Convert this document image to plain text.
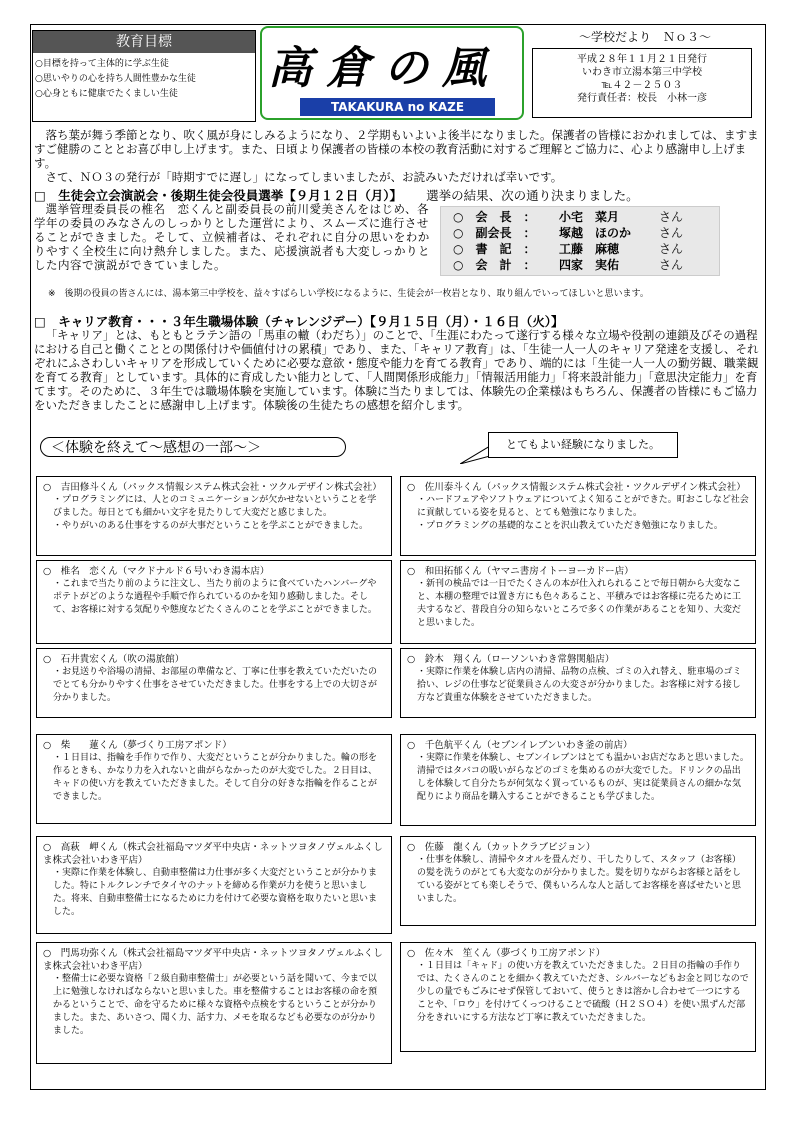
教育目標
○目標を持って主体的に学ぶ生徒
○思いやりの心を持ち人間性豊かな生徒
○心身ともに健康でたくましい生徒	高倉の風
TAKAKURA no KAZE
～学校だより　Ｎｏ３～
平成２８年１１月２１日発行
いわき市立湯本第三中学校
℡４２－２５０３
発行責任者：校長　小林一彦
落ち葉が舞う季節となり、吹く風が身にしみるようになり、２学期もいよいよ後半になりました。保護者の皆様におかれましては、ますますご健勝のこととお喜び申し上げます。また、日頃より保護者の皆様の本校の教育活動に対するご理解とご協力に、心より感謝申し上げます。
さて、ＮＯ３の発行が「時期すでに遅し」になってしまいましたが、お読みいただければ幸いです。
□　生徒会立会演説会・後期生徒会役員選挙【９月１２日（月）】 選挙の結果、次の通り決まりました。
選挙管理委員長の椎名　恋くんと副委員長の前川愛美さんをはじめ、各学年の委員のみなさんのしっかりとした運営により、スムーズに進行させることができました。そして、立候補者は、それぞれに自分の思いをわかりやすく全校生に向け熱弁しました。また、応援演説者も大変しっかりとした内容で演説ができていました。
○　会　長　： 小宅　菜月	さん
○　副会長　： 塚越　ほのか さん
○　書　記　： 工藤　麻穂	さん
○　会　計　： 四家　実佑	さん
※　後期の役員の皆さんには、湯本第三中学校を、益々すばらしい学校になるように、生徒会が一枚岩となり、取り組んでいってほしいと思います。
□　キャリア教育・・・３年生職場体験（チャレンジデー）【９月１５日（月）・１６日（火）】
「キャリア」とは、もともとラテン語の「馬車の轍（わだち）」のことで、「生涯にわたって遂行する様々な立場や役割の連鎖及びその過程における自己と働くこととの関係付けや価値付けの累積」であり、また、「キャリア教育」は、「生徒一人一人のキャリア発達を支援し、それぞれにふさわしいキャリアを形成していくために必要な意欲・態度や能力を育てる教育」であり、端的には「生徒一人一人の勤労観、職業観を育てる教育」としています。具体的に育成したい能力として、「人間関係形成能力」「情報活用能力」「将来設計能力」「意思決定能力」を育てます。そのために、３年生では職場体験を実施しています。体験に当たりましては、体験先の企業様はもちろん、保護者の皆様にもご協力をいただきましたことに感謝申し上げます。体験後の生徒たちの感想を紹介します。
＜体験を終えて～感想の一部～＞	とてもよい経験になりました。
○　吉田修斗くん（パックス情報システム株式会社・ツクルデザイン株式会社）
・プログラミングには、人とのコミュニケーションが欠かせないということを学びました。毎日とても細かい文字を見たりして大変だと感じました。
・やりがいのある仕事をするのが大事だということを学ぶことができました。
○　佐川泰斗くん（パックス情報システム株式会社・ツクルデザイン株式会社）
・ハードフェアやソフトウェアについてよく知ることができた。町おこしなど社会に貢献している姿を見ると、とても勉強になりました。
・プログラミングの基礎的なことを沢山教えていただき勉強になりました。
○　椎名　恋くん（マクドナルド６号いわき湯本店）
・これまで当たり前のように注文し、当たり前のように食べていたハンバーグやポテトがどのような過程や手順で作られているのかを知り感動しました。そして、お客様に対する気配りや態度などたくさんのことを学ぶことができました。
○　和田拓郁くん（ヤマニ書房イトーヨーカドー店）
・新刊の検品では一日でたくさんの本が仕入れられることで毎日朝から大変なこと、本棚の整理では置き方にも色々あること、平積みではお客様に売るために工夫するなど、普段自分の知らないところで多くの作業があることを知り、大変だと思いました。
○　石井貴宏くん（吹の湯旅館）
・お見送りや浴場の清掃、お部屋の準備など、丁寧に仕事を教えていただいたのでとても分かりやすく仕事をさせていただきました。仕事をする上での大切さが分かりました。
○　鈴木　翔くん（ローソンいわき常磐関船店）
・実際に作業を体験し店内の清掃、品物の点検、ゴミの入れ替え、駐車場のゴミ拾い、レジの仕事など従業員さんの大変さが分かりました。お客様に対する接し方など貴重な体験をさせていただきました。
○　柴　　蓮くん（夢づくり工房アポンド）
・１日目は、指輪を手作りで作り、大変だということが分かりました。輪の形を作るときも、かなり力を入れないと曲がらなかったのが大変でした。２日目は、キャドの使い方を教えていただきました。そして自分の好きな指輪を作ることができました。
○　千色航平くん（セブンイレブンいわき釜の前店）
・実際に作業を体験し、セブンイレブンはとても温かいお店だなあと思いました。清掃ではタバコの吸いがらなどのゴミを集めるのが大変でした。ドリンクの品出しを体験して自分たちが何気なく買っているものが、実は従業員さんの細かな気配りにより商品を購入することができることも学びました。
○　高萩　岬くん（株式会社福島マツダ平中央店・ネットツヨタノヴェルふくしま株式会社いわき平店）
・実際に作業を体験し、自動車整備は力仕事が多く大変だということが分かりました。特にトルクレンチでタイヤのナットを締める作業が力を使うと思いました。将来、自動車整備士になるために力を付けて必要な資格を取りたいと思いました。
○　佐藤　龍くん（カットクラブビジョン）
・仕事を体験し、清掃やタオルを畳んだり、干したりして、スタッフ（お客様）の髪を洗うのがとても大変なのが分かりました。髪を切りながらお客様と話をしている姿がとても楽しそうで、僕もいろんな人と話してお客様を喜ばせたいと思いました。
○　門馬功弥くん（株式会社福島マツダ平中央店・ネットツヨタノヴェルふくしま株式会社いわき平店）
・整備士に必要な資格「２級自動車整備士」が必要という話を聞いて、今まで以上に勉強しなければならないと思いました。車を整備することはお客様の命を預かるということで、命を守るために様々な資格や点検をするということが分かりました。また、あいさつ、聞く力、話す力、メモを取るなども必要なのが分かりました。
○　佐々木　笙くん（夢づくり工房アポンド）
・１日目は「キャド」の使い方を教えていただきました。２日目の指輪の手作りでは、たくさんのことを細かく教えていただき、シルバーなどもお金と同じなので少しの量でもごみにせず保管しておいて、使うときは溶かし合わせて一つにすることや、「ロウ」を付けてくっつけることで硫酸（Ｈ２ＳＯ４）を使い黒ずんだ部分をきれいにする方法など丁寧に教えていただきました。
